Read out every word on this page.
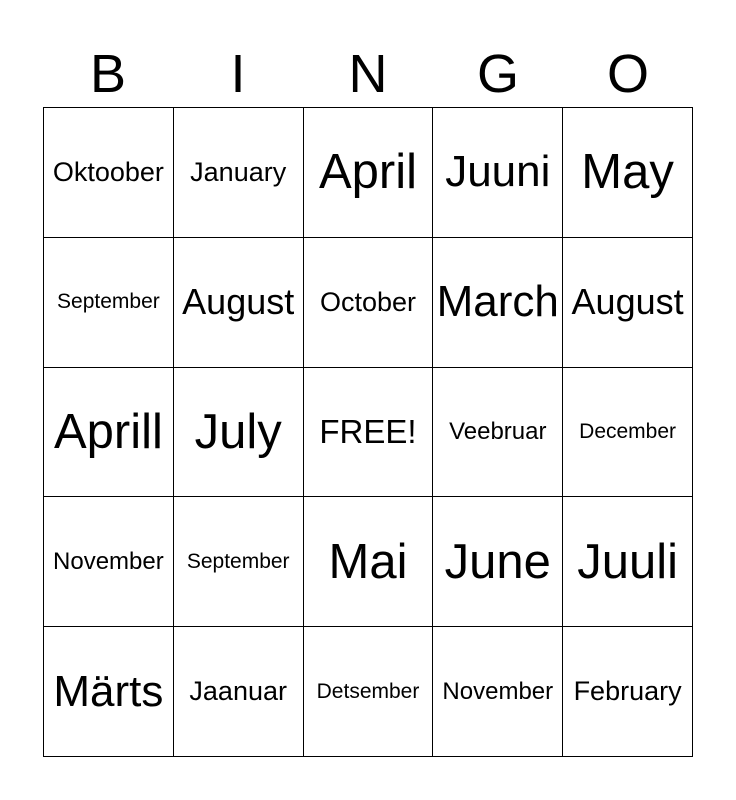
B	I	N	G	O
Oktoober January April Juuni May
September August October March August
Aprill July	FREE!	Veebruar	December
November	September Mai June Juuli
Märts Jaanuar	Detsember November February
